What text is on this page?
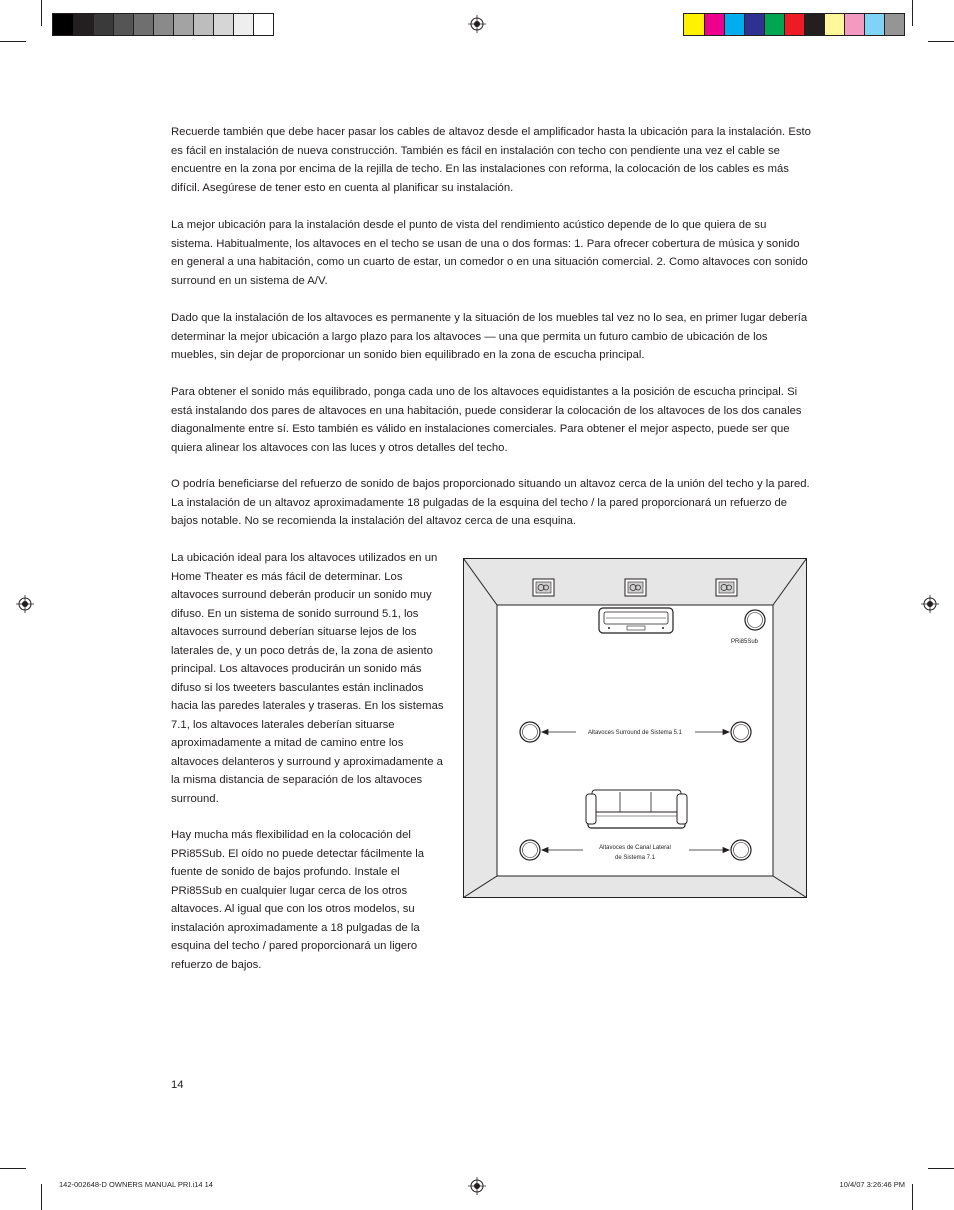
Recuerde también que debe hacer pasar los cables de altavoz desde el amplificador hasta la ubicación para la instalación. Esto es fácil en instalación de nueva construcción. También es fácil en instalación con techo con pendiente una vez el cable se encuentre en la zona por encima de la rejilla de techo. En las instalaciones con reforma, la colocación de los cables es más difícil. Asegúrese de tener esto en cuenta al planificar su instalación.

La mejor ubicación para la instalación desde el punto de vista del rendimiento acústico depende de lo que quiera de su sistema. Habitualmente, los altavoces en el techo se usan de una o dos formas: 1. Para ofrecer cobertura de música y sonido en general a una habitación, como un cuarto de estar, un comedor o en una situación comercial. 2. Como altavoces con sonido surround en un sistema de A/V.

Dado que la instalación de los altavoces es permanente y la situación de los muebles tal vez no lo sea, en primer lugar debería determinar la mejor ubicación a largo plazo para los altavoces — una que permita un futuro cambio de ubicación de los muebles, sin dejar de proporcionar un sonido bien equilibrado en la zona de escucha principal.

Para obtener el sonido más equilibrado, ponga cada uno de los altavoces equidistantes a la posición de escucha principal. Si está instalando dos pares de altavoces en una habitación, puede considerar la colocación de los altavoces de los dos canales diagonalmente entre sí. Esto también es válido en instalaciones comerciales. Para obtener el mejor aspecto, puede ser que quiera alinear los altavoces con las luces y otros detalles del techo.

O podría beneficiarse del refuerzo de sonido de bajos proporcionado situando un altavoz cerca de la unión del techo y la pared. La instalación de un altavoz aproximadamente 18 pulgadas de la esquina del techo / la pared proporcionará un refuerzo de bajos notable. No se recomienda la instalación del altavoz cerca de una esquina.

La ubicación ideal para los altavoces utilizados en un Home Theater es más fácil de determinar. Los altavoces surround deberán producir un sonido muy difuso. En un sistema de sonido surround 5.1, los altavoces surround deberían situarse lejos de los laterales de, y un poco detrás de, la zona de asiento principal. Los altavoces producirán un sonido más difuso si los tweeters basculantes están inclinados hacia las paredes laterales y traseras. En los sistemas 7.1, los altavoces laterales deberían situarse aproximadamente a mitad de camino entre los altavoces delanteros y surround y aproximadamente a la misma distancia de separación de los altavoces surround.

Hay mucha más flexibilidad en la colocación del PRi85Sub. El oído no puede detectar fácilmente la fuente de sonido de bajos profundo. Instale el PRi85Sub en cualquier lugar cerca de los otros altavoces. Al igual que con los otros modelos, su instalación aproximadamente a 18 pulgadas de la esquina del techo / pared proporcionará un ligero refuerzo de bajos.

PRi85Sub
Altavoces Surround de Sistema 5.1
Altavoces de Canal Lateral
de Sistema 7.1
14
142-002648-D OWNERS MANUAL PRI.i14 14	10/4/07 3:26:46 PM
